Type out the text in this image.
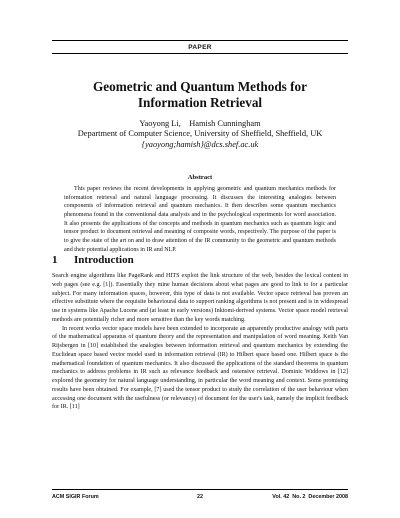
PAPER
Geometric and Quantum Methods for
Information Retrieval
Yaoyong Li,    Hamish Cunningham
Department of Computer Science, University of Sheffield, Sheffield, UK
{yaoyong;hamish}@dcs.shef.ac.uk
Abstract
This paper reviews the recent developments in applying geometric and quantum mechanics methods for information retrieval and natural language processing. It discusses the interesting analogies between components of information retrieval and quantum mechanics. It then describes some quantum mechanics phenomena found in the conventional data analysis and in the psychological experiments for word association. It also presents the applications of the concepts and methods in quantum mechanics such as quantum logic and tensor product to document retrieval and meaning of composite words, respectively. The purpose of the paper is to give the state of the art on and to draw attention of the IR community to the geometric and quantum methods and their potential applications in IR and NLP.
1 Introduction

Search engine algorithms like PageRank and HITS exploit the link structure of the web, besides the lexical content in web pages (see e.g. [1]). Essentially they mine human decisions about what pages are good to link to for a particular subject. For many information spaces, however, this type of data is not available. Vector space retrieval has proven an effective substitute where the requisite behavioural data to support ranking algorithms is not present and is in widespread use in systems like Apache Lucene and (at least in early versions) Inktomi-derived systems. Vector space model retrieval methods are potentially richer and more sensitive than the key words matching.

In recent works vector space models have been extended to incorporate an apparently productive analogy with parts of the mathematical apparatus of quantum theory and the representation and manipulation of word meaning. Keith Van Rijsbergen in [10] established the analogies between information retrieval and quantum mechanics by extending the Euclidean space based vector model used in information retrieval (IR) to Hilbert space based one. Hilbert space is the mathematical foundation of quantum mechanics. It also discussed the applications of the standard theorems in quantum mechanics to address problems in IR such as relevance feedback and ostensive retrieval. Dominic Widdows in [12] explored the geometry for natural language understanding, in particular the word meaning and context. Some promising results have been obtained. For example, [7] used the tensor product to study the correlation of the user behaviour when accessing one document with the usefulness (or relevancy) of document for the user's task, namely the implicit feedback for IR. [11]

ACM SIGIR Forum	22	Vol. 42  No. 2  December 2008
